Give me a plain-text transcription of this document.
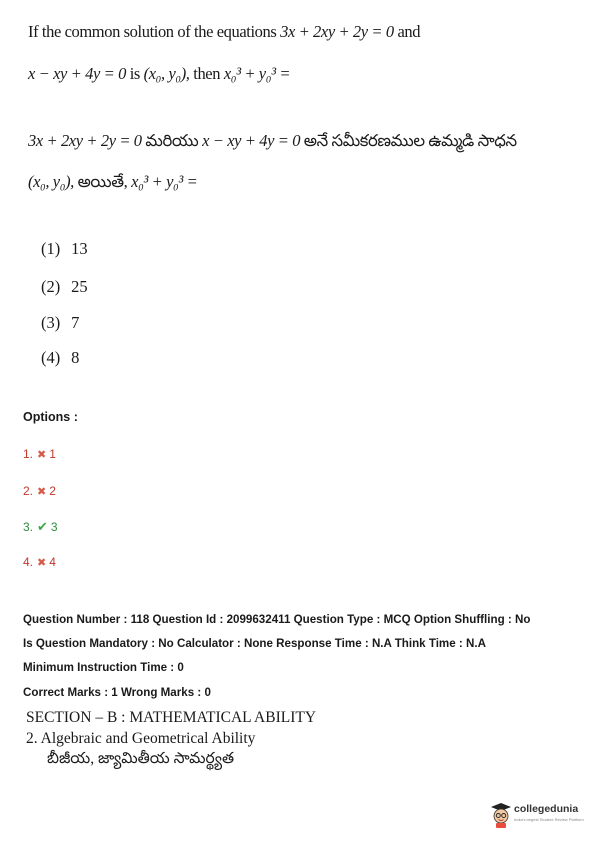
If the common solution of the equations 3x + 2xy + 2y = 0 and
x − xy + 4y = 0 is (x₀, y₀), then x₀³ + y₀³ =
3x + 2xy + 2y = 0 మరియు x − xy + 4y = 0 అనే సమీకరణముల ఉమ్మడి సాధన
(x₀, y₀), అయితే, x₀³ + y₀³ =
(1) 13
(2) 25
(3) 7
(4) 8
Options :
1. ✖ 1
2. ✖ 2
3. ✔ 3
4. ✖ 4
Question Number : 118 Question Id : 2099632411 Question Type : MCQ Option Shuffling : No
Is Question Mandatory : No Calculator : None Response Time : N.A Think Time : N.A
Minimum Instruction Time : 0
Correct Marks : 1 Wrong Marks : 0
SECTION – B : MATHEMATICAL ABILITY
2. Algebraic and Geometrical Ability
బీజీయ, జ్యామితీయ సామర్థ్యత
collegedunia
India's largest Student Review Platform
